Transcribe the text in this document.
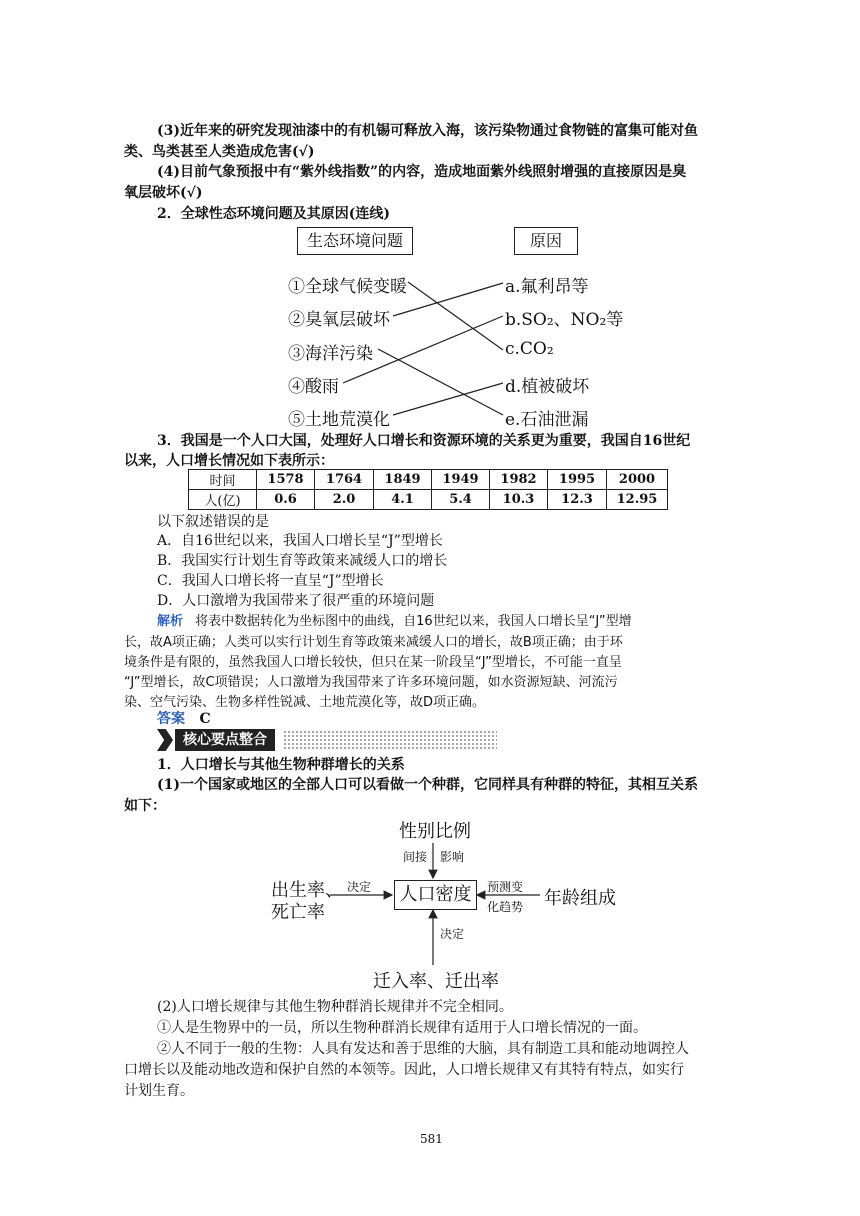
(3)近年来的研究发现油漆中的有机锡可释放入海，该污染物通过食物链的富集可能对鱼
类、鸟类甚至人类造成危害(√)
(4)目前气象预报中有“紫外线指数”的内容，造成地面紫外线照射增强的直接原因是臭
氧层破坏(√)
2．全球性态环境问题及其原因(连线)
生态环境问题	原因
①全球气候变暖
②臭氧层破坏
③海洋污染
④酸雨
⑤土地荒漠化
a.氟利昂等
b.SO₂、NO₂等
c.CO₂
d.植被破坏
e.石油泄漏
3．我国是一个人口大国，处理好人口增长和资源环境的关系更为重要，我国自16世纪
以来，人口增长情况如下表所示：
时间	1578	1764	1849	1949	1982	1995	2000
人(亿)	0.6	2.0	4.1	5.4	10.3	12.3	12.95
以下叙述错误的是
A．自16世纪以来，我国人口增长呈“J”型增长
B．我国实行计划生育等政策来减缓人口的增长
C．我国人口增长将一直呈“J”型增长
D．人口激增为我国带来了很严重的环境问题
解析 将表中数据转化为坐标图中的曲线，自16世纪以来，我国人口增长呈“J”型增
长，故A项正确；人类可以实行计划生育等政策来减缓人口的增长，故B项正确；由于环
境条件是有限的，虽然我国人口增长较快，但只在某一阶段呈“J”型增长，不可能一直呈
“J”型增长，故C项错误；人口激增为我国带来了许多环境问题，如水资源短缺、河流污
染、空气污染、生物多样性锐减、土地荒漠化等，故D项正确。
答案 C
核心要点整合
1．人口增长与其他生物种群增长的关系
(1)一个国家或地区的全部人口可以看做一个种群，它同样具有种群的特征，其相互关系
如下：
性别比例
间接 影响
出生率、
死亡率
决定	人口密度	预测变
化趋势 年龄组成
决定
迁入率、迁出率
(2)人口增长规律与其他生物种群消长规律并不完全相同。
①人是生物界中的一员，所以生物种群消长规律有适用于人口增长情况的一面。
②人不同于一般的生物：人具有发达和善于思维的大脑，具有制造工具和能动地调控人
口增长以及能动地改造和保护自然的本领等。因此，人口增长规律又有其特有特点，如实行
计划生育。
581
